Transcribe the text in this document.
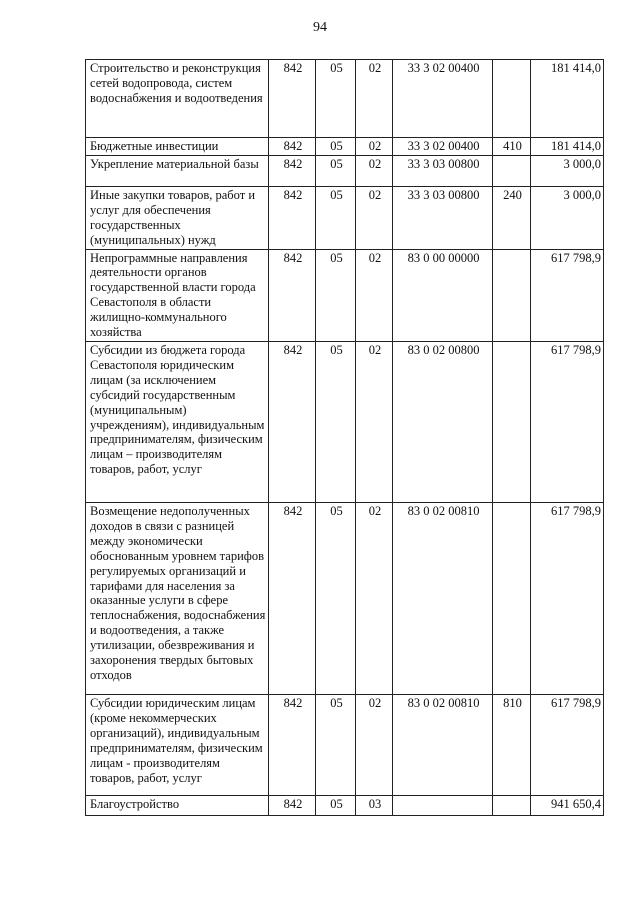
94
Строительство и реконструкция сетей водопровода, систем водоснабжения и водоотведения	842	05	02	33 3 02 00400		181 414,0
Бюджетные инвестиции	842	05	02	33 3 02 00400	410	181 414,0
Укрепление материальной базы	842	05	02	33 3 03 00800		3 000,0
Иные закупки товаров, работ и услуг для обеспечения государственных (муниципальных) нужд	842	05	02	33 3 03 00800	240	3 000,0
Непрограммные направления деятельности органов государственной власти города Севастополя в области жилищно-коммунального хозяйства	842	05	02	83 0 00 00000		617 798,9
Субсидии из бюджета города Севастополя юридическим лицам (за исключением субсидий государственным (муниципальным) учреждениям), индивидуальным предпринимателям, физическим лицам – производителям товаров, работ, услуг	842	05	02	83 0 02 00800		617 798,9
Возмещение недополученных доходов в связи с разницей между экономически обоснованным уровнем тарифов регулируемых организаций и тарифами для населения за оказанные услуги в сфере теплоснабжения, водоснабжения и водоотведения, а также утилизации, обезвреживания и захоронения твердых бытовых отходов	842	05	02	83 0 02 00810		617 798,9
Субсидии юридическим лицам (кроме некоммерческих организаций), индивидуальным предпринимателям, физическим лицам - производителям товаров, работ, услуг	842	05	02	83 0 02 00810	810	617 798,9
Благоустройство	842	05	03			941 650,4
